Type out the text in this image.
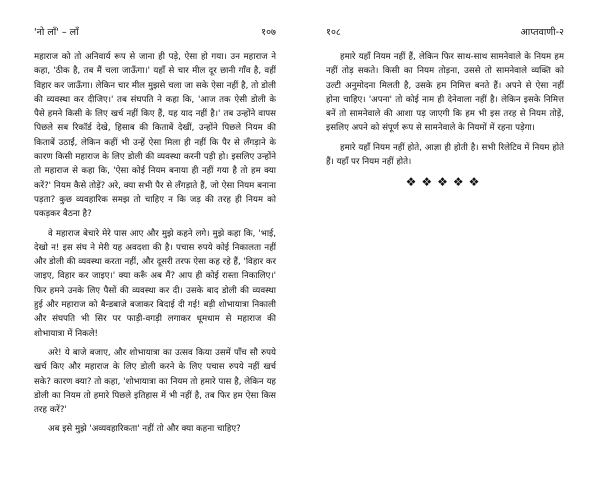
'नो लॉं' – लॉं	१०७

महाराज को तो अनिवार्य रूप से जाना ही पड़े, ऐसा हो गया। उन महाराज ने कहा, 'ठीक है, तब मैं चला जाऊँगा।' यहाँ से चार मील दूर छानी गाँव है, वहीं विहार कर जाऊँगा। लेकिन चार मील मुझसे चला जा सके ऐसा नहीं है, तो डोली की व्यवस्था कर दीजिए।' तब संघपति ने कहा कि, 'आज तक ऐसी डोली के पैसे हमने किसी के लिए खर्च नहीं किए हैं, यह याद नहीं है।' तब उन्होंने वापस पिछले सब रिकॉर्ड देखे, हिसाब की किताबें देखीं, उन्होंने पिछले नियम की किताबें उठाईं, लेकिन कहीं भी उन्हें ऐसा मिला ही नहीं कि पैर से लँगड़ाने के कारण किसी महाराज के लिए डोली की व्यवस्था करनी पड़ी हो। इसलिए उन्होंने तो महाराज से कहा कि, 'ऐसा कोई नियम बनाया ही नहीं गया है तो हम क्या करें?' नियम कैसे तोड़ें? अरे, क्या सभी पैर से लँगड़ाते हैं, जो ऐसा नियम बनाना पड़ता? कुछ व्यवहारिक समझ तो चाहिए न कि जड़ की तरह ही नियम को पकड़कर बैठना है?

वे महाराज बेचारे मेरे पास आए और मुझे कहने लगे। मुझे कहा कि, 'भाई, देखो न! इस संघ ने मेरी यह अवदशा की है। पचास रुपये कोई निकालता नहीं और डोली की व्यवस्था करता नहीं, और दूसरी तरफ ऐसा कह रहे हैं, 'विहार कर जाइए, विहार कर जाइए।' क्या करूँ अब मैं? आप ही कोई रास्ता निकालिए।' फिर हमने उनके लिए पैसों की व्यवस्था कर दी। उसके बाद डोली की व्यवस्था हुई और महाराज को बैन्डबाजे बजाकर बिदाई दी गई! बड़ी शोभायात्रा निकाली और संघपति भी सिर पर फाड़ी-वगड़ी लगाकर धूमधाम से महाराज की शोभायात्रा में निकले!

अरे! ये बाजे बजाए, और शोभायात्रा का उत्सव किया उसमें पाँच सौ रुपये खर्च किए और महाराज के लिए डोली करने के लिए पचास रुपये नहीं खर्च सके? कारण क्या? तो कहा, 'शोभायात्रा का नियम तो हमारे पास है, लेकिन यह डोली का नियम तो हमारे पिछले इतिहास में भी नहीं है, तब फिर हम ऐसा किस तरह करें?'

अब इसे मुझे 'अव्यवहारिकता' नहीं तो और क्या कहना चाहिए?

१०८	आप्तवाणी-२

हमारे यहाँ नियम नहीं हैं, लेकिन फिर साथ-साथ सामनेवाले के नियम हम नहीं तोड़ सकते। किसी का नियम तोड़ना, उससे तो सामनेवाले व्यक्ति को उल्टी अनुमोदना मिलती है, उसके हम निमित्त बनते हैं। अपने से ऐसा नहीं होना चाहिए। 'अपना' तो कोई नाम ही देनेवाला नहीं है। लेकिन इसके निमित्त बनें तो सामनेवाले की आशा पड़ जाएगी कि हम भी इस तरह से नियम तोड़ें, इसलिए अपने को संपूर्ण रूप से सामनेवाले के नियमों में रहना पड़ेगा।

हमारे यहाँ नियम नहीं होते, आज्ञा ही होती है। सभी रिलेटिव में नियम होते हैं। यहाँ पर नियम नहीं होते।

❖❖❖❖❖
